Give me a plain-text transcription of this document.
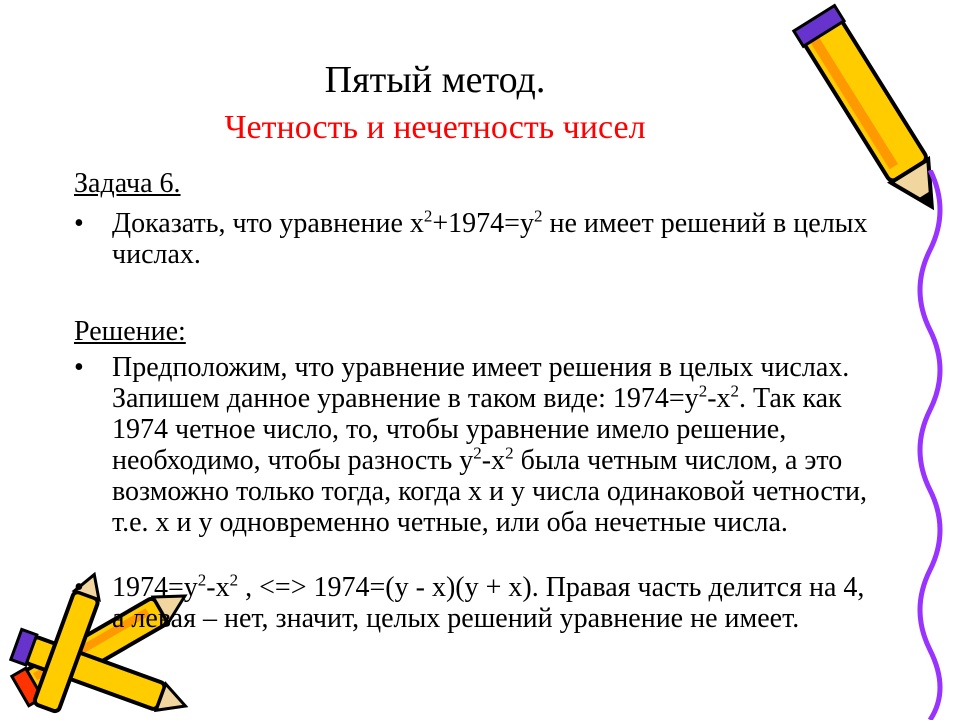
Пятый метод.
Четность и нечетность чисел
Задача 6.
• Доказать, что уравнение $х^2+1974=у^2$ не имеет решений в целых числах.
Решение:
• Предположим, что уравнение имеет решения в целых числах. Запишем данное уравнение в таком виде: $1974=у^2-х^2$. Так как 1974 четное число, то, чтобы уравнение имело решение, необходимо, чтобы разность $у^2-х^2$ была четным числом, а это возможно только тогда, когда х и у числа одинаковой четности, т.е. х и у одновременно четные, или оба нечетные числа.
• $1974=у^2-х^2$ , <=> 1974=(у - х)(у + х). Правая часть делится на 4, а левая – нет, значит, целых решений уравнение не имеет.
